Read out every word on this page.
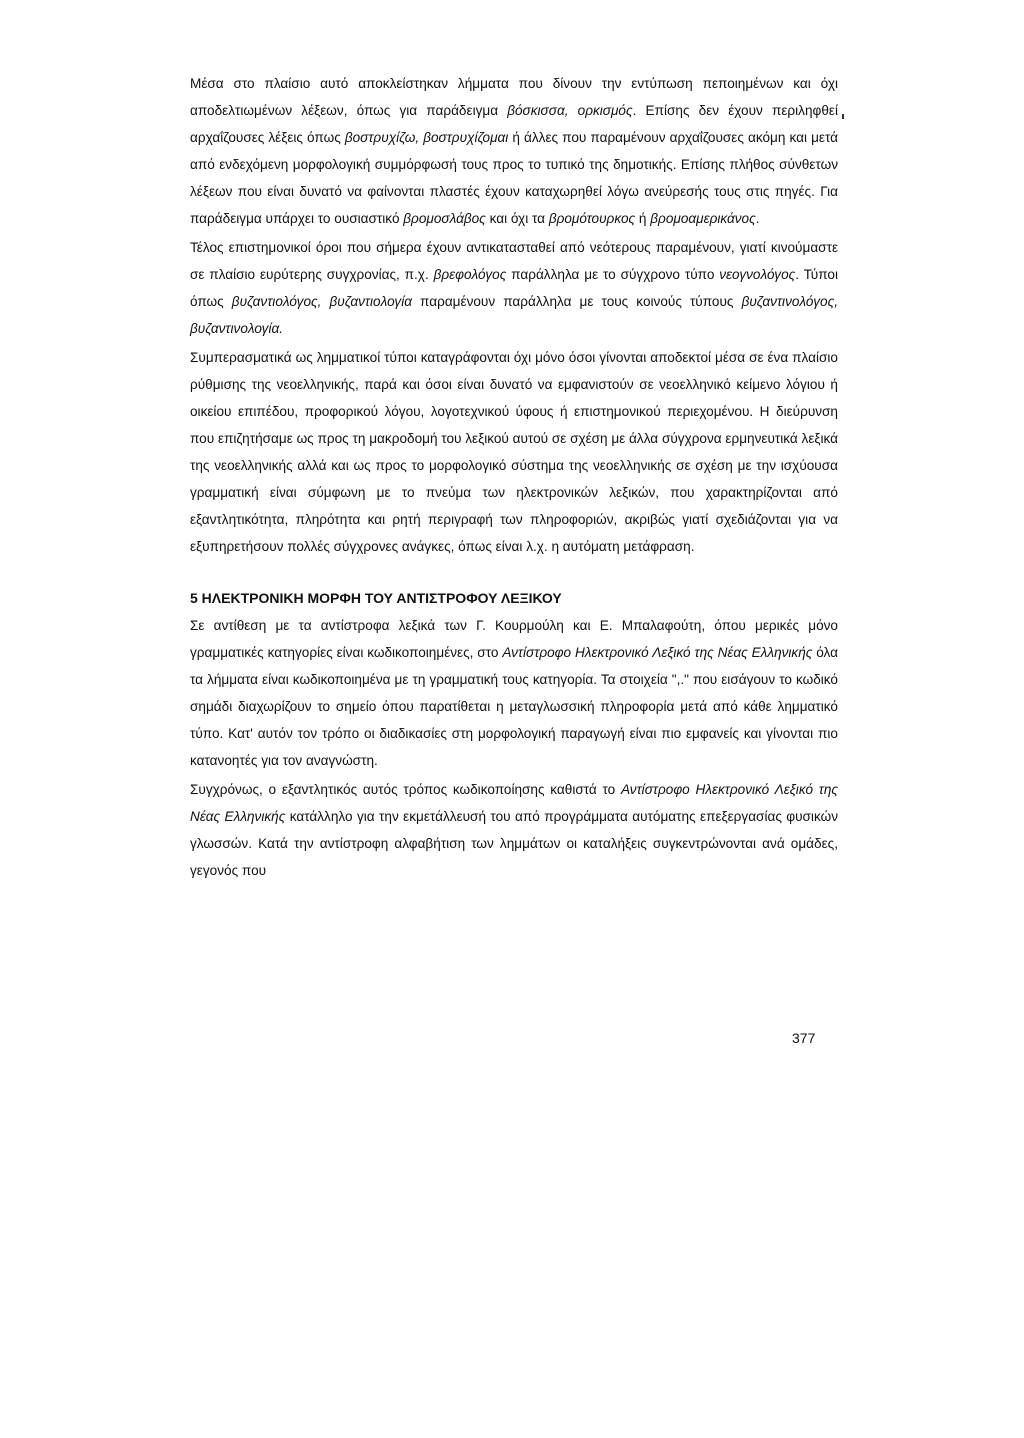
Μέσα στο πλαίσιο αυτό αποκλείστηκαν λήμματα που δίνουν την εντύπωση πεποιημένων και όχι αποδελτιωμένων λέξεων, όπως για παράδειγμα βόσκισσα, ορκισμός. Επίσης δεν έχουν περιληφθεί αρχαΐζουσες λέξεις όπως βοστρυχίζω, βοστρυχίζομαι ή άλλες που παραμένουν αρχαΐζουσες ακόμη και μετά από ενδεχόμενη μορφολογική συμμόρφωσή τους προς το τυπικό της δημοτικής. Επίσης πλήθος σύνθετων λέξεων που είναι δυνατό να φαίνονται πλαστές έχουν καταχωρηθεί λόγω ανεύρεσής τους στις πηγές. Για παράδειγμα υπάρχει το ουσιαστικό βρομοσλάβος και όχι τα βρομότουρκος ή βρομοαμερικάνος.

Τέλος επιστημονικοί όροι που σήμερα έχουν αντικατασταθεί από νεότερους παραμένουν, γιατί κινούμαστε σε πλαίσιο ευρύτερης συγχρονίας, π.χ. βρεφολόγος παράλληλα με το σύγχρονο τύπο νεογνολόγος. Τύποι όπως βυζαντιολόγος, βυζαντιολογία παραμένουν παράλληλα με τους κοινούς τύπους βυζαντινολόγος, βυζαντινολογία.

Συμπερασματικά ως λημματικοί τύποι καταγράφονται όχι μόνο όσοι γίνονται αποδεκτοί μέσα σε ένα πλαίσιο ρύθμισης της νεοελληνικής, παρά και όσοι είναι δυνατό να εμφανιστούν σε νεοελληνικό κείμενο λόγιου ή οικείου επιπέδου, προφορικού λόγου, λογοτεχνικού ύφους ή επιστημονικού περιεχομένου. Η διεύρυνση που επιζητήσαμε ως προς τη μακροδομή του λεξικού αυτού σε σχέση με άλλα σύγχρονα ερμηνευτικά λεξικά της νεοελληνικής αλλά και ως προς το μορφολογικό σύστημα της νεοελληνικής σε σχέση με την ισχύουσα γραμματική είναι σύμφωνη με το πνεύμα των ηλεκτρονικών λεξικών, που χαρακτηρίζονται από εξαντλητικότητα, πληρότητα και ρητή περιγραφή των πληροφοριών, ακριβώς γιατί σχεδιάζονται για να εξυπηρετήσουν πολλές σύγχρονες ανάγκες, όπως είναι λ.χ. η αυτόματη μετάφραση.

5 ΗΛΕΚΤΡΟΝΙΚΗ ΜΟΡΦΗ ΤΟΥ ΑΝΤΙΣΤΡΟΦΟΥ ΛΕΞΙΚΟΥ

Σε αντίθεση με τα αντίστροφα λεξικά των Γ. Κουρμούλη και Ε. Μπαλαφούτη, όπου μερικές μόνο γραμματικές κατηγορίες είναι κωδικοποιημένες, στο Αντίστροφο Ηλεκτρονικό Λεξικό της Νέας Ελληνικής όλα τα λήμματα είναι κωδικοποιημένα με τη γραμματική τους κατηγορία. Τα στοιχεία ",." που εισάγουν το κωδικό σημάδι διαχωρίζουν το σημείο όπου παρατίθεται η μεταγλωσσική πληροφορία μετά από κάθε λημματικό τύπο. Κατ' αυτόν τον τρόπο οι διαδικασίες στη μορφολογική παραγωγή είναι πιο εμφανείς και γίνονται πιο κατανοητές για τον αναγνώστη.

Συγχρόνως, ο εξαντλητικός αυτός τρόπος κωδικοποίησης καθιστά το Αντίστροφο Ηλεκτρονικό Λεξικό της Νέας Ελληνικής κατάλληλο για την εκμετάλλευσή του από προγράμματα αυτόματης επεξεργασίας φυσικών γλωσσών. Κατά την αντίστροφη αλφαβήτιση των λημμάτων οι καταλήξεις συγκεντρώνονται ανά ομάδες, γεγονός που

377
